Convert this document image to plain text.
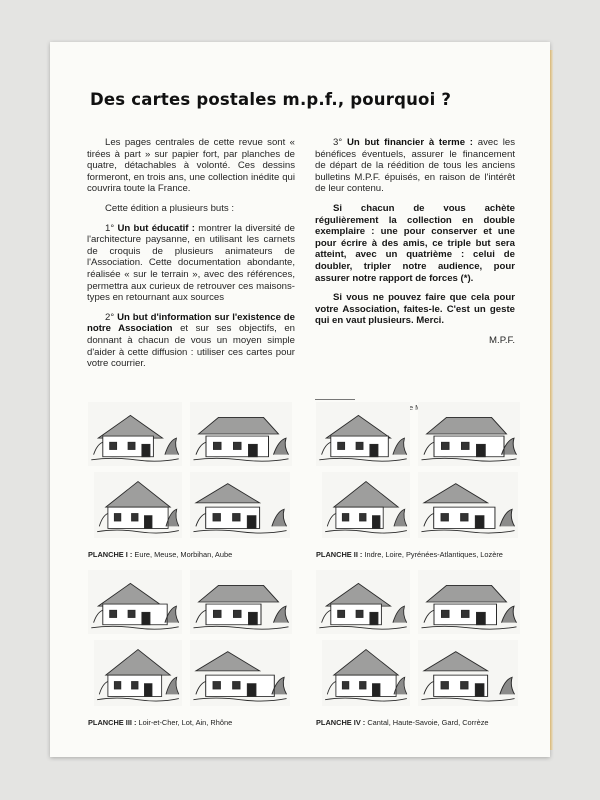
Des cartes postales m.p.f., pourquoi ?

Les pages centrales de cette revue sont « tirées à part » sur papier fort, par planches de quatre, détachables à volonté. Ces dessins formeront, en trois ans, une collection inédite qui couvrira toute la France.

Cette édition a plusieurs buts :

1° Un but éducatif : montrer la diversité de l'architecture paysanne, en utilisant les carnets de croquis de plusieurs animateurs de l'Association. Cette documentation abondante, réalisée « sur le terrain », avec des références, permettra aux curieux de retrouver ces maisons-types en retournant aux sources

2° Un but d'information sur l'existence de notre Association et sur ses objectifs, en donnant à chacun de vous un moyen simple d'aider à cette diffusion : utiliser ces cartes pour votre courrier.

3° Un but financier à terme : avec les bénéfices éventuels, assurer le financement de départ de la réédition de tous les anciens bulletins M.P.F. épuisés, en raison de l'intérêt de leur contenu.

Si chacun de vous achète régulièrement la collection en double exemplaire : une pour conserver et une pour écrire à des amis, ce triple but sera atteint, avec un quatrième : celui de doubler, tripler notre audience, pour assurer notre rapport de forces (*).

Si vous ne pouvez faire que cela pour votre Association, faites-le. C'est un geste qui en vaut plusieurs. Merci.

M.P.F.

PLANCHE I : Eure, Meuse, Morbihan, Aube	PLANCHE II : Indre, Loire, Pyrénées-Atlantiques, Lozère
PLANCHE III : Loir-et-Cher, Lot, Ain, Rhône	PLANCHE IV : Cantal, Haute-Savoie, Gard, Corrèze
